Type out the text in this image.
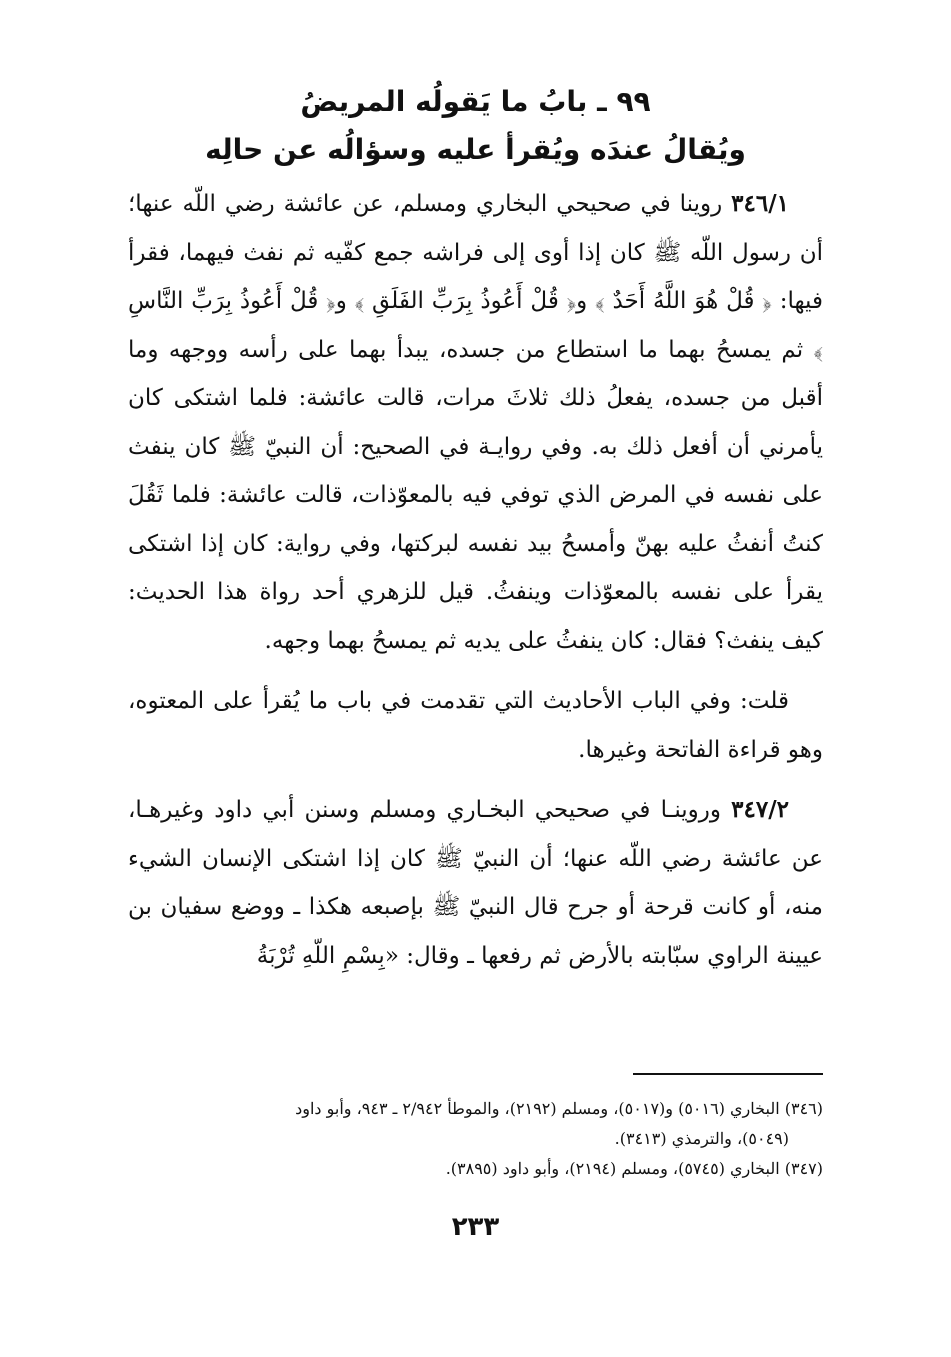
٩٩ ـ بابُ ما يَقولُه المريضُ
ويُقالُ عندَه ويُقرأ عليه وسؤالُه عن حالِه

٣٤٦/١ روينا في صحيحي البخاري ومسلم، عن عائشة رضي اللّه عنها؛ أن رسول اللّه ﷺ كان إذا أوى إلى فراشه جمع كفّيه ثم نفث فيهما، فقرأ فيها: ﴿ قُلْ هُوَ اللَّهُ أَحَدٌ ﴾ و﴿ قُلْ أَعُوذُ بِرَبِّ الفَلَقِ ﴾ و﴿ قُلْ أَعُوذُ بِرَبِّ النَّاسِ ﴾ ثم يمسحُ بهما ما استطاع من جسده، يبدأ بهما على رأسه ووجهه وما أقبل من جسده، يفعلُ ذلك ثلاثَ مرات، قالت عائشة: فلما اشتكى كان يأمرني أن أفعل ذلك به. وفي روايـة في الصحيح: أن النبيّ ﷺ كان ينفث على نفسه في المرض الذي توفي فيه بالمعوّذات، قالت عائشة: فلما ثَقُلَ كنتُ أنفثُ عليه بهنّ وأمسحُ بيد نفسه لبركتها، وفي رواية: كان إذا اشتكى يقرأ على نفسه بالمعوّذات وينفثُ. قيل للزهري أحد رواة هذا الحديث: كيف ينفث؟ فقال: كان ينفثُ على يديه ثم يمسحُ بهما وجهه.

قلت: وفي الباب الأحاديث التي تقدمت في باب ما يُقرأ على المعتوه، وهو قراءة الفاتحة وغيرها.

٣٤٧/٢ وروينـا في صحيحي البخـاري ومسلم وسنن أبي داود وغيرهـا، عن عائشة رضي اللّه عنها؛ أن النبيّ ﷺ كان إذا اشتكى الإنسان الشيء منه، أو كانت قرحة أو جرح قال النبيّ ﷺ بإصبعه هكذا ـ ووضع سفيان بن عيينة الراوي سبّابته بالأرض ثم رفعها ـ وقال: «بِسْمِ اللّهِ تُرْبَةُ

(٣٤٦) البخاري (٥٠١٦) و(٥٠١٧)، ومسلم (٢١٩٢)، والموطأ ٢/٩٤٢ ـ ٩٤٣، وأبو داود
(٥٠٤٩)، والترمذي (٣٤١٣).

(٣٤٧) البخاري (٥٧٤٥)، ومسلم (٢١٩٤)، وأبو داود (٣٨٩٥).

٢٣٣
